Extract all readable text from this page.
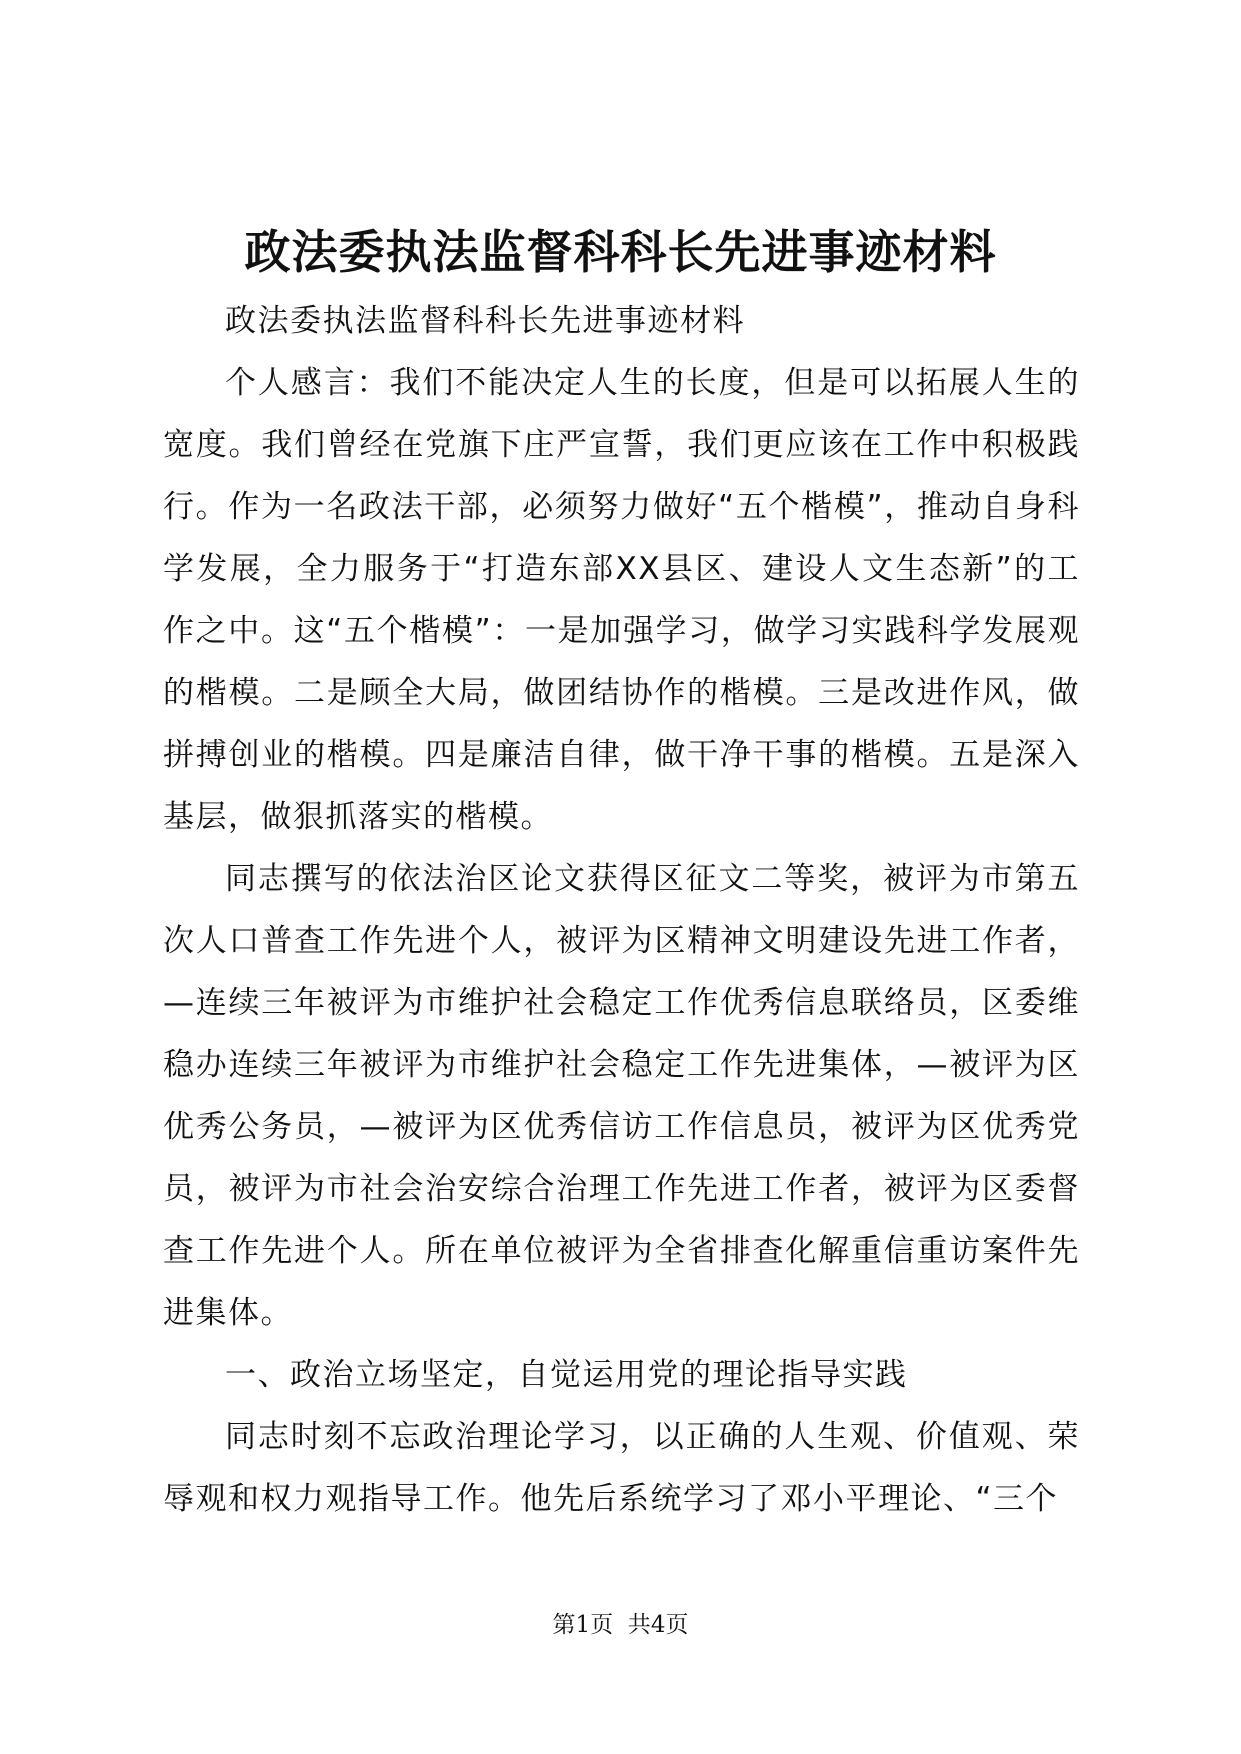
政法委执法监督科科长先进事迹材料

政法委执法监督科科长先进事迹材料

个人感言：我们不能决定人生的长度，但是可以拓展人生的宽度。我们曾经在党旗下庄严宣誓，我们更应该在工作中积极践行。作为一名政法干部，必须努力做好“五个楷模”，推动自身科学发展，全力服务于“打造东部XX县区、建设人文生态新”的工作之中。这“五个楷模”：一是加强学习，做学习实践科学发展观的楷模。二是顾全大局，做团结协作的楷模。三是改进作风，做拼搏创业的楷模。四是廉洁自律，做干净干事的楷模。五是深入基层，做狠抓落实的楷模。

同志撰写的依法治区论文获得区征文二等奖，被评为市第五次人口普查工作先进个人，被评为区精神文明建设先进工作者，—连续三年被评为市维护社会稳定工作优秀信息联络员，区委维稳办连续三年被评为市维护社会稳定工作先进集体，—被评为区优秀公务员，—被评为区优秀信访工作信息员，被评为区优秀党员，被评为市社会治安综合治理工作先进工作者，被评为区委督查工作先进个人。所在单位被评为全省排查化解重信重访案件先进集体。

一、政治立场坚定，自觉运用党的理论指导实践

同志时刻不忘政治理论学习，以正确的人生观、价值观、荣辱观和权力观指导工作。他先后系统学习了邓小平理论、“三个

第1页  共4页
